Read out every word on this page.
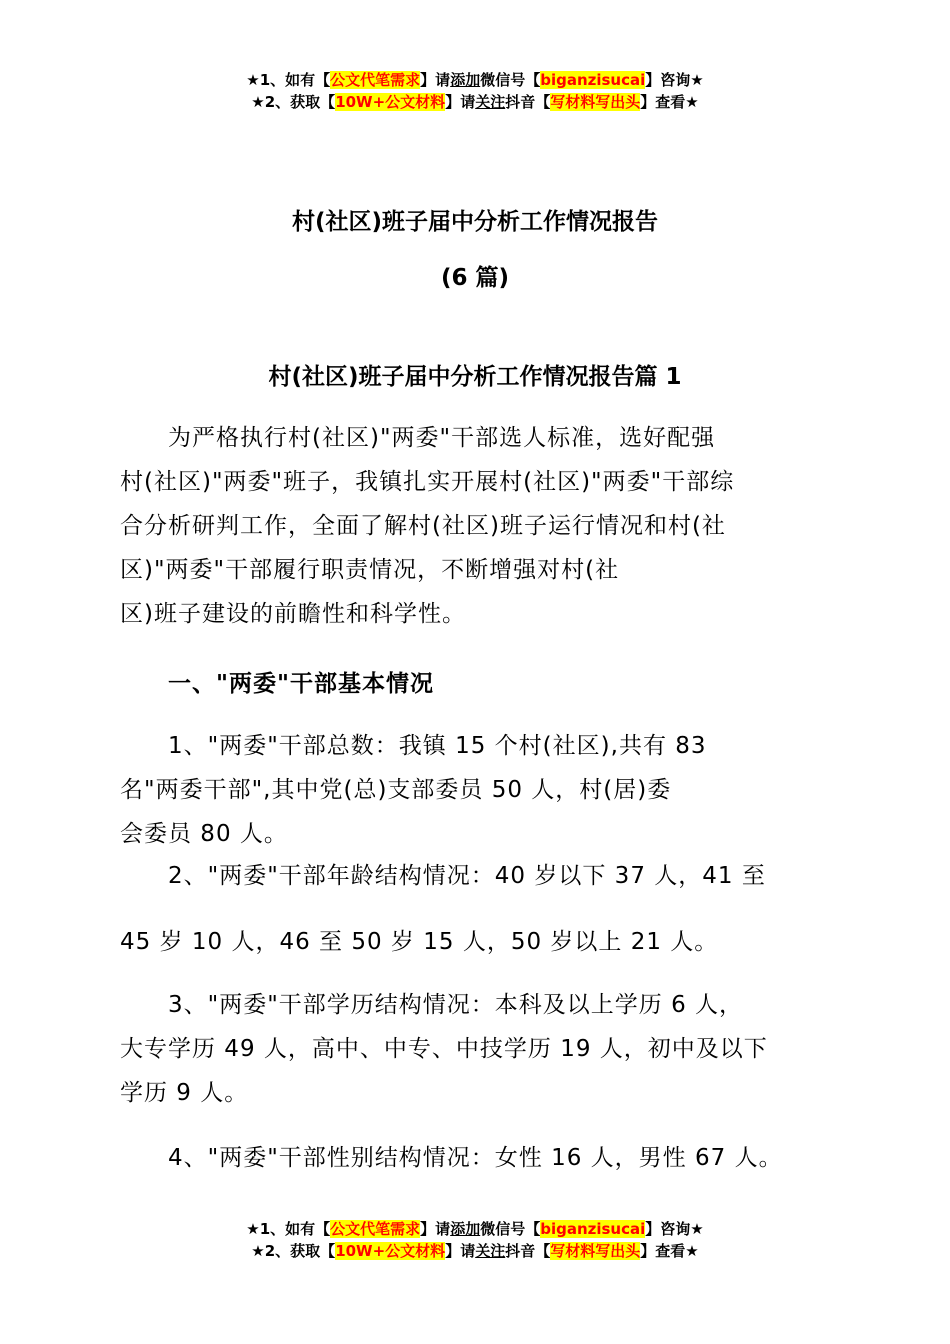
★1、如有【公文代笔需求】请添加微信号【biganzisucai】咨询★
★2、获取【10W+公文材料】请关注抖音【写材料写出头】查看★
村(社区)班子届中分析工作情况报告
(6 篇)
村(社区)班子届中分析工作情况报告篇 1
为严格执行村(社区)"两委"干部选人标准，选好配强
村(社区)"两委"班子，我镇扎实开展村(社区)"两委"干部综
合分析研判工作，全面了解村(社区)班子运行情况和村(社
区)"两委"干部履行职责情况，不断增强对村(社
区)班子建设的前瞻性和科学性。
一、"两委"干部基本情况
1、"两委"干部总数：我镇 15 个村(社区),共有 83
名"两委干部",其中党(总)支部委员 50 人，村(居)委
会委员 80 人。
2、"两委"干部年龄结构情况：40 岁以下 37 人，41 至
45 岁 10 人，46 至 50 岁 15 人，50 岁以上 21 人。
3、"两委"干部学历结构情况：本科及以上学历 6 人，
大专学历 49 人，高中、中专、中技学历 19 人，初中及以下
学历 9 人。
4、"两委"干部性别结构情况：女性 16 人，男性 67 人。
★1、如有【公文代笔需求】请添加微信号【biganzisucai】咨询★
★2、获取【10W+公文材料】请关注抖音【写材料写出头】查看★
